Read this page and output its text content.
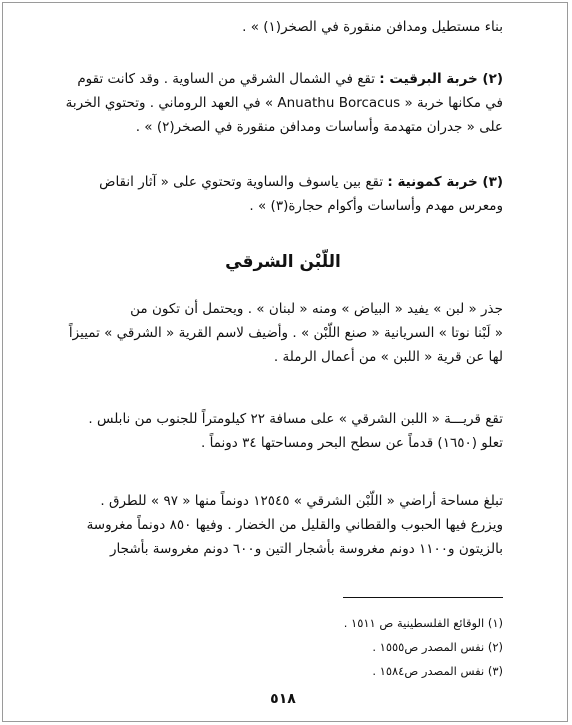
بناء مستطيل ومدافن منقورة في الصخر(١) » .
(٢) خربة البرقيت : تقع في الشمال الشرقي من الساوية . وقد كانت تقوم
في مكانها خربة « Anuathu Borcacus » في العهد الروماني . وتحتوي الخربة
على « جدران متهدمة وأساسات ومدافن منقورة في الصخر(٢) » .
(٣) خربة كمونية : تقع بين ياسوف والساوية وتحتوي على « آثار انقاض
ومعرس مهدم وأساسات وأكوام حجارة(٣) » .
اللّبْن الشرقي
جذر « لبن » يفيد « البياض » ومنه « لبنان » . ويحتمل أن تكون من
« لَبْنا نوتا » السريانية « صنع اللّبْن » . وأضيف لاسم القرية « الشرقي » تمييزاً
لها عن قرية « اللبن » من أعمال الرملة .
تقع قريـــة « اللبن الشرقي » على مسافة ٢٢ كيلومتراً للجنوب من نابلس .
تعلو (١٦٥٠) قدماً عن سطح البحر ومساحتها ٣٤ دونماً .
تبلغ مساحة أراضي « اللّبْن الشرقي » ١٢٥٤٥ دونماً منها « ٩٧ » للطرق .
ويزرع فيها الحبوب والقطاني والقليل من الخضار . وفيها ٨٥٠ دونماً مغروسة
بالزيتون و١١٠٠ دونم مغروسة بأشجار التين و٦٠٠ دونم مغروسة بأشجار
(١) الوقائع الفلسطينية ص ١٥١١ .
(٢) نفس المصدر ص١٥٥٥ .
(٣) نفس المصدر ص١٥٨٤ .
٥١٨
